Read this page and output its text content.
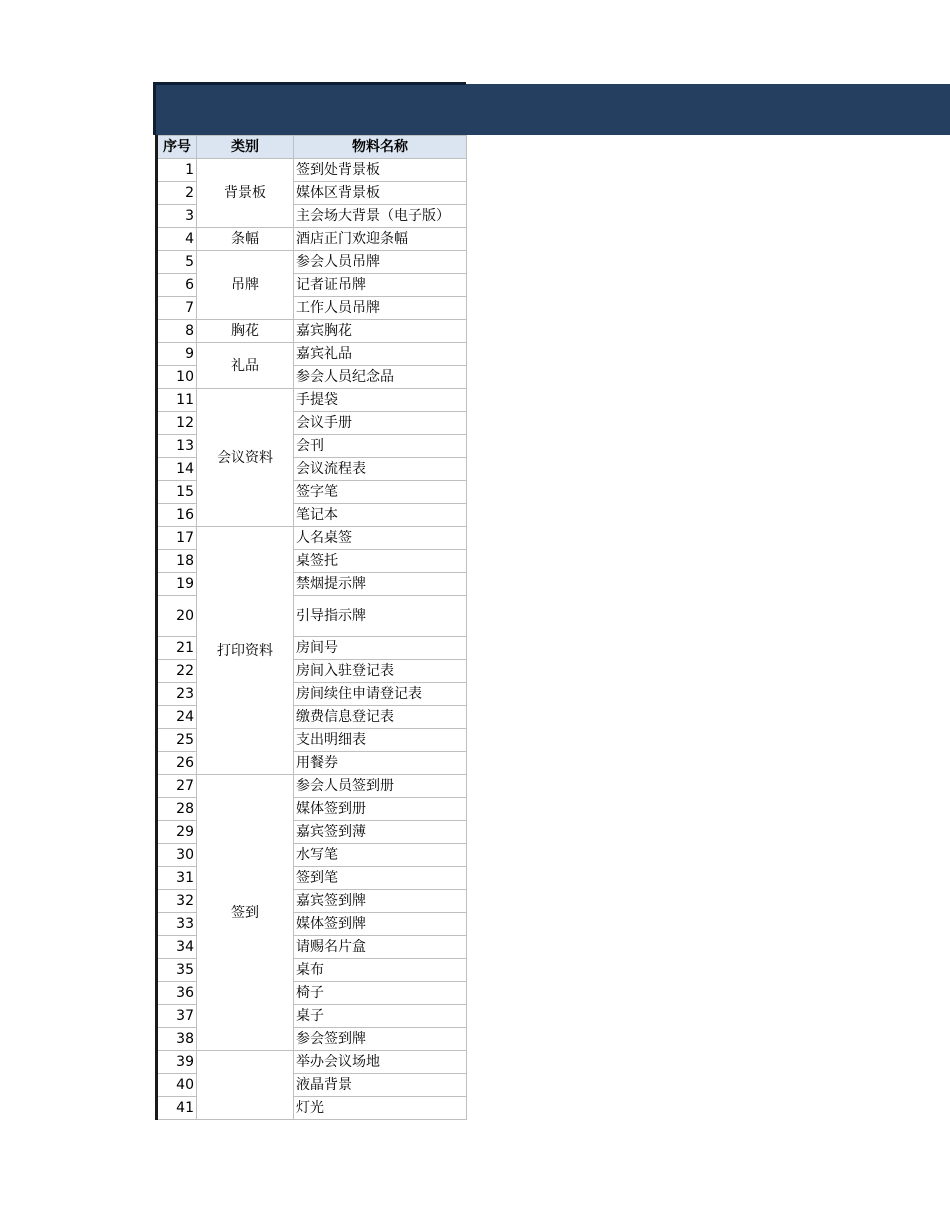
序号	类别	物料名称
1	背景板	签到处背景板
2		媒体区背景板
3		主会场大背景（电子版）
4	条幅	酒店正门欢迎条幅
5	吊牌	参会人员吊牌
6		记者证吊牌
7		工作人员吊牌
8	胸花	嘉宾胸花
9	礼品	嘉宾礼品
10		参会人员纪念品
11	会议资料	手提袋
12		会议手册
13		会刊
14		会议流程表
15		签字笔
16		笔记本
17	打印资料	人名桌签
18		桌签托
19		禁烟提示牌
20		引导指示牌
21		房间号
22		房间入驻登记表
23		房间续住申请登记表
24		缴费信息登记表
25		支出明细表
26		用餐券
27	签到	参会人员签到册
28		媒体签到册
29		嘉宾签到薄
30		水写笔
31		签到笔
32		嘉宾签到牌
33		媒体签到牌
34		请赐名片盒
35		桌布
36		椅子
37		桌子
38		参会签到牌
39		举办会议场地
40		液晶背景
41		灯光
